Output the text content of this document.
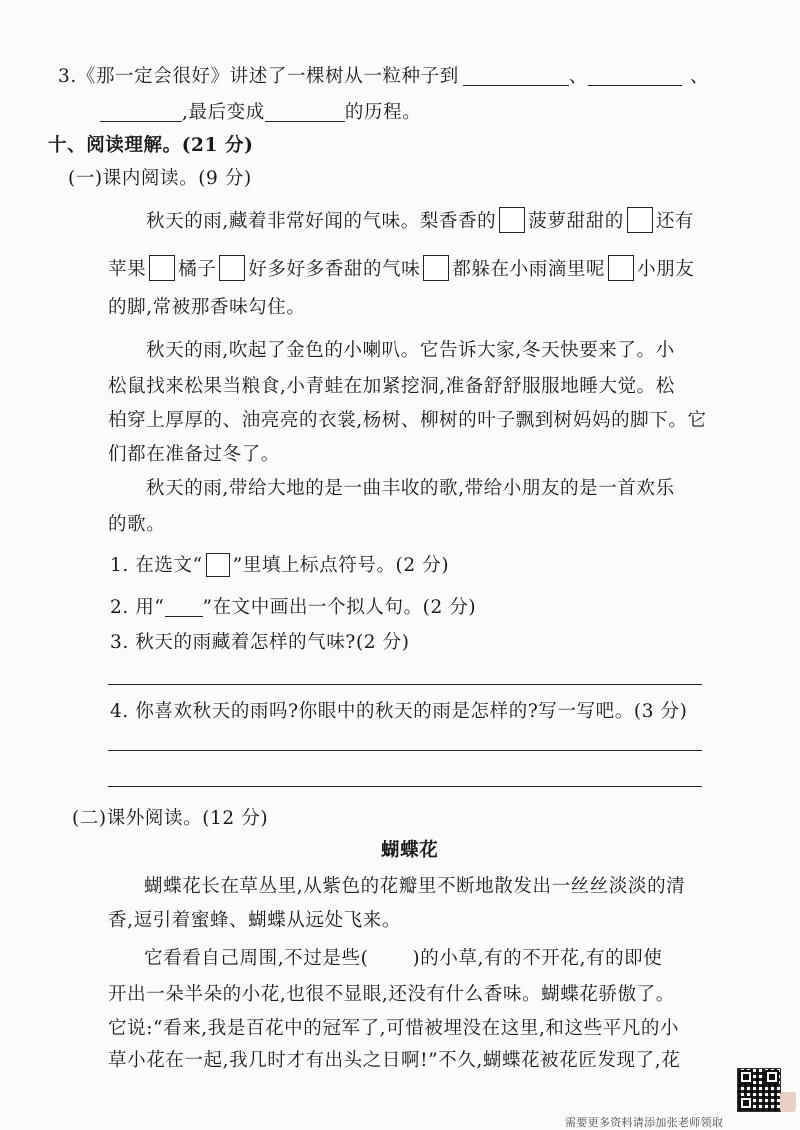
3.《那一定会很好》讲述了一棵树从一粒种子到	、	、
,最后变成	的历程。
十、阅读理解。(21 分)
(一)课内阅读。(9 分)
秋天的雨,藏着非常好闻的气味。梨香香的 菠萝甜甜的 还有
苹果 橘子 好多好多香甜的气味 都躲在小雨滴里呢 小朋友
的脚,常被那香味勾住。
秋天的雨,吹起了金色的小喇叭。它告诉大家,冬天快要来了。小
松鼠找来松果当粮食,小青蛙在加紧挖洞,准备舒舒服服地睡大觉。松
柏穿上厚厚的、油亮亮的衣裳,杨树、柳树的叶子飘到树妈妈的脚下。它
们都在准备过冬了。
秋天的雨,带给大地的是一曲丰收的歌,带给小朋友的是一首欢乐
的歌。
1. 在选文“ ”里填上标点符号。(2 分)
2. 用“ ”在文中画出一个拟人句。(2 分)
3. 秋天的雨藏着怎样的气味?(2 分)
4. 你喜欢秋天的雨吗?你眼中的秋天的雨是怎样的?写一写吧。(3 分)
(二)课外阅读。(12 分)
蝴蝶花
蝴蝶花长在草丛里,从紫色的花瓣里不断地散发出一丝丝淡淡的清
香,逗引着蜜蜂、蝴蝶从远处飞来。
它看看自己周围,不过是些( )的小草,有的不开花,有的即使
开出一朵半朵的小花,也很不显眼,还没有什么香味。蝴蝶花骄傲了。
它说:“看来,我是百花中的冠军了,可惜被埋没在这里,和这些平凡的小
草小花在一起,我几时才有出头之日啊!”不久,蝴蝶花被花匠发现了,花
需要更多资料请添加张老师领取
